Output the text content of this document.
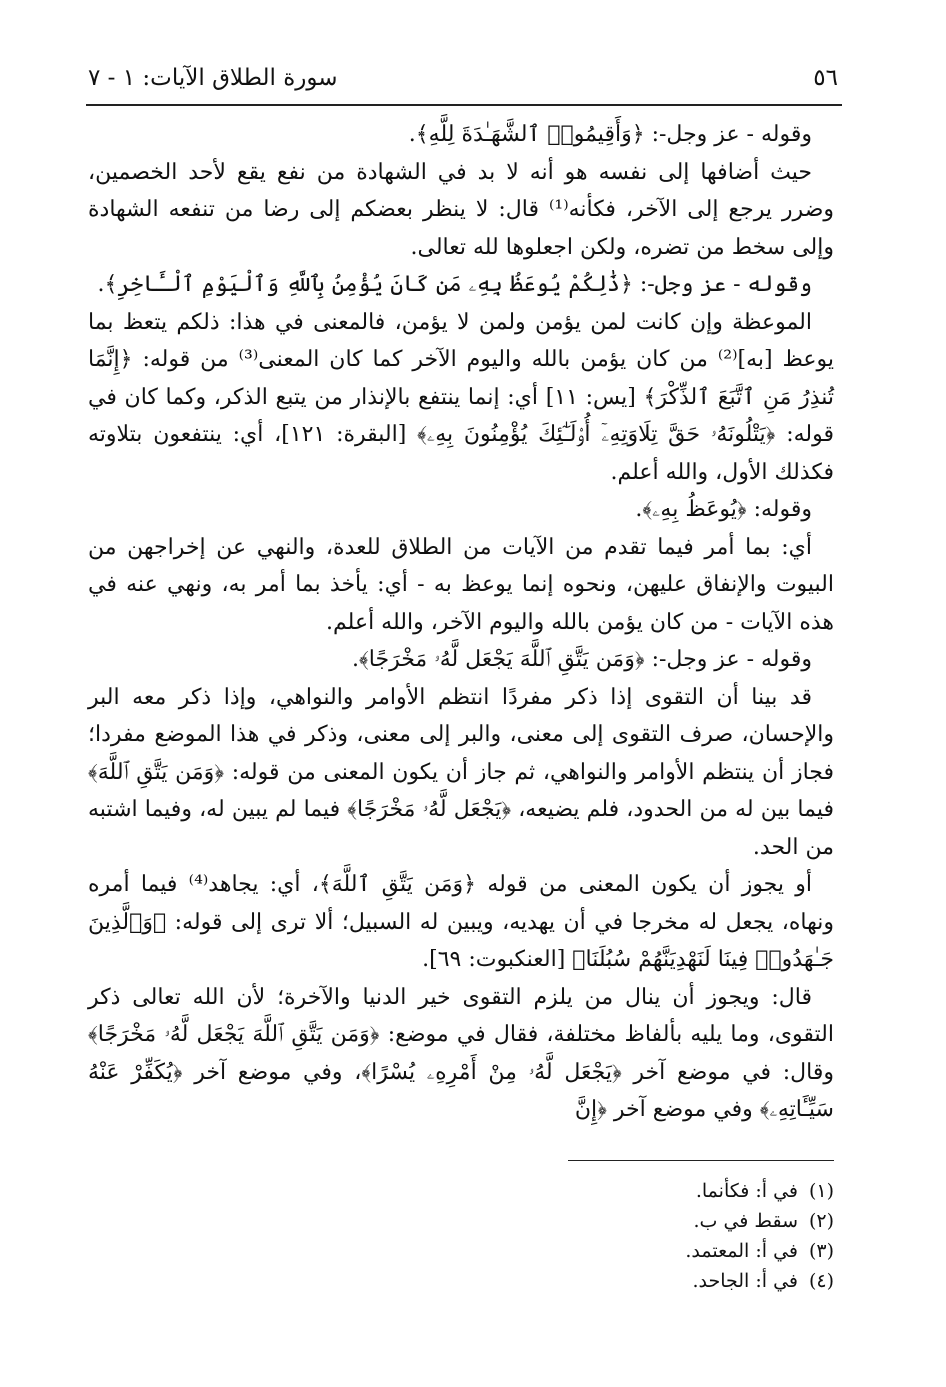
٥٦
سورة الطلاق الآيات: ١ - ٧

وقوله - عز وجل-: ﴿وَأَقِيمُوا۟ ٱلشَّهَـٰدَةَ لِلَّهِ﴾.

حيث أضافها إلى نفسه هو أنه لا بد في الشهادة من نفع يقع لأحد الخصمين، وضرر يرجع إلى الآخر، فكأنه⁽¹⁾ قال: لا ينظر بعضكم إلى رضا من تنفعه الشهادة وإلى سخط من تضره، ولكن اجعلوها لله تعالى.

وقوله - عز وجل-: ﴿ذَٰلِكُمْ يُوعَظُ بِهِۦ مَن كَانَ يُؤْمِنُ بِٱللَّهِ وَٱلْيَوْمِ ٱلْـَٔاخِرِ﴾.

الموعظة وإن كانت لمن يؤمن ولمن لا يؤمن، فالمعنى في هذا: ذلكم يتعظ بما يوعظ [به]⁽²⁾ من كان يؤمن بالله واليوم الآخر كما كان المعنى⁽³⁾ من قوله: ﴿إِنَّمَا تُنذِرُ مَنِ ٱتَّبَعَ ٱلذِّكْرَ﴾ [يس: ١١] أي: إنما ينتفع بالإنذار من يتبع الذكر، وكما كان في قوله: ﴿يَتْلُونَهُۥ حَقَّ تِلَاوَتِهِۦٓ أُو۟لَـٰٓئِكَ يُؤْمِنُونَ بِهِۦ﴾ [البقرة: ١٢١]، أي: ينتفعون بتلاوته فكذلك الأول، والله أعلم.

وقوله: ﴿يُوعَظُ بِهِۦ﴾.

أي: بما أمر فيما تقدم من الآيات من الطلاق للعدة، والنهي عن إخراجهن من البيوت والإنفاق عليهن، ونحوه إنما يوعظ به - أي: يأخذ بما أمر به، ونهي عنه في هذه الآيات - من كان يؤمن بالله واليوم الآخر، والله أعلم.

وقوله - عز وجل-: ﴿وَمَن يَتَّقِ ٱللَّهَ يَجْعَل لَّهُۥ مَخْرَجًا﴾.

قد بينا أن التقوى إذا ذكر مفردًا انتظم الأوامر والنواهي، وإذا ذكر معه البر والإحسان، صرف التقوى إلى معنى، والبر إلى معنى، وذكر في هذا الموضع مفردا؛ فجاز أن ينتظم الأوامر والنواهي، ثم جاز أن يكون المعنى من قوله: ﴿وَمَن يَتَّقِ ٱللَّهَ﴾ فيما بين له من الحدود، فلم يضيعه، ﴿يَجْعَل لَّهُۥ مَخْرَجًا﴾ فيما لم يبين له، وفيما اشتبه من الحد.

أو يجوز أن يكون المعنى من قوله ﴿وَمَن يَتَّقِ ٱللَّهَ﴾، أي: يجاهد⁽⁴⁾ فيما أمره ونهاه، يجعل له مخرجا في أن يهديه، ويبين له السبيل؛ ألا ترى إلى قوله: ﴿وَٱلَّذِينَ جَـٰهَدُوا۟ فِينَا لَنَهْدِيَنَّهُمْ سُبُلَنَا﴾ [العنكبوت: ٦٩].

قال: ويجوز أن ينال من يلزم التقوى خير الدنيا والآخرة؛ لأن الله تعالى ذكر التقوى، وما يليه بألفاظ مختلفة، فقال في موضع: ﴿وَمَن يَتَّقِ ٱللَّهَ يَجْعَل لَّهُۥ مَخْرَجًا﴾ وقال: في موضع آخر ﴿يَجْعَل لَّهُۥ مِنْ أَمْرِهِۦ يُسْرًا﴾، وفي موضع آخر ﴿يُكَفِّرْ عَنْهُ سَيِّـَٔاتِهِۦ﴾ وفي موضع آخر ﴿إِنَّ

(١)في أ: فكأنما.
(٢)سقط في ب.
(٣)في أ: المعتمد.
(٤)في أ: الجاحد.
